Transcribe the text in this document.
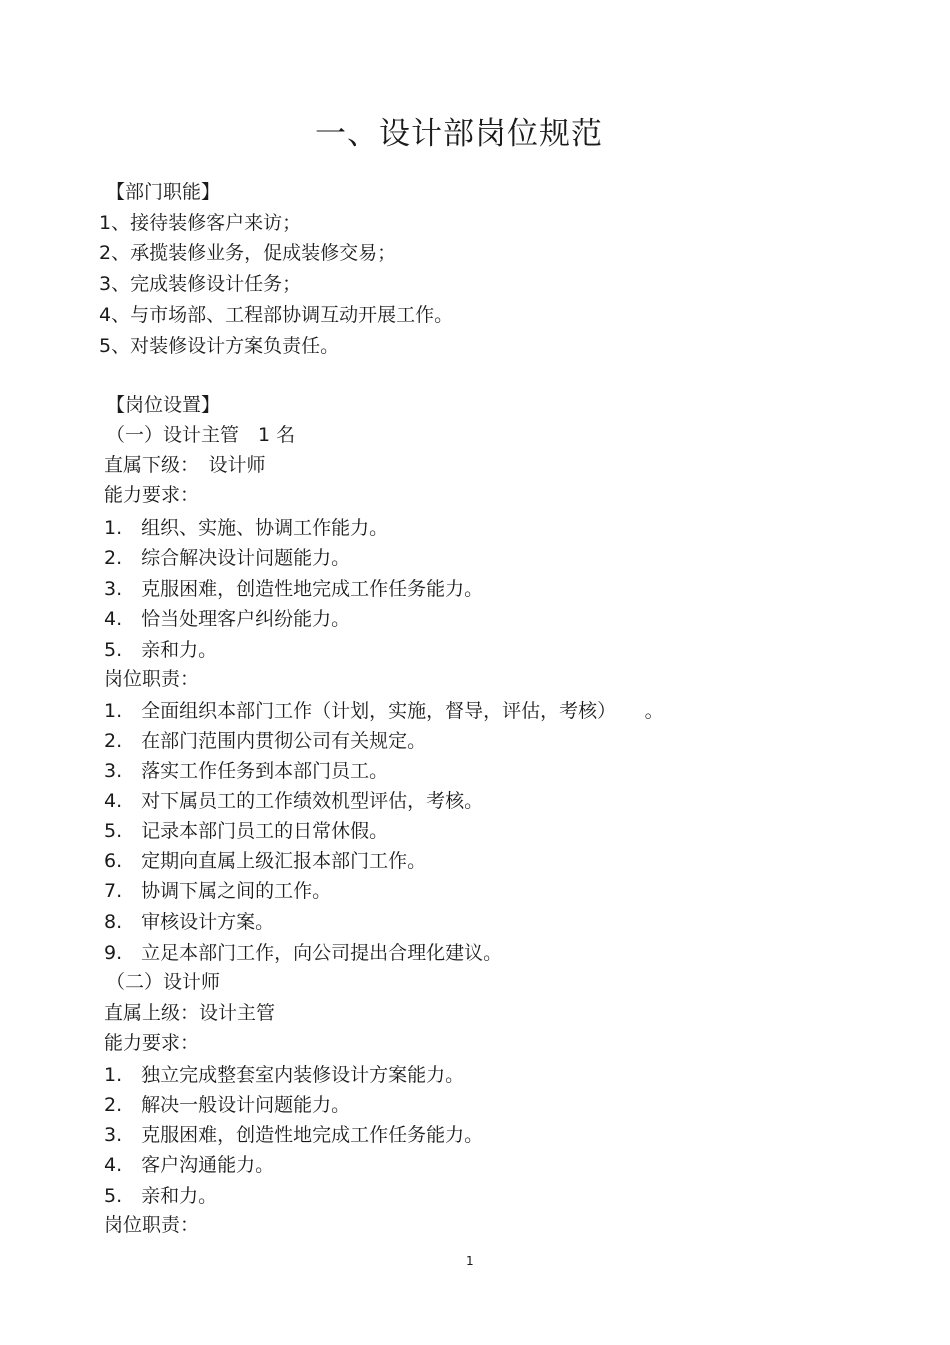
一、设计部岗位规范
【部门职能】
1、接待装修客户来访；
2、承揽装修业务，促成装修交易；
3、完成装修设计任务；
4、与市场部、工程部协调互动开展工作。
5、对装修设计方案负责任。
【岗位设置】
（一）设计主管　1 名
直属下级：　设计师
能力要求：
1.　组织、实施、协调工作能力。
2.　综合解决设计问题能力。
3.　克服困难，创造性地完成工作任务能力。
4.　恰当处理客户纠纷能力。
5.　亲和力。
岗位职责：
1.　全面组织本部门工作（计划，实施，督导，评估，考核）　　。
2.　在部门范围内贯彻公司有关规定。
3.　落实工作任务到本部门员工。
4.　对下属员工的工作绩效机型评估，考核。
5.　记录本部门员工的日常休假。
6.　定期向直属上级汇报本部门工作。
7.　协调下属之间的工作。
8.　审核设计方案。
9.　立足本部门工作，向公司提出合理化建议。
（二）设计师
直属上级：设计主管
能力要求：
1.　独立完成整套室内装修设计方案能力。
2.　解决一般设计问题能力。
3.　克服困难，创造性地完成工作任务能力。
4.　客户沟通能力。
5.　亲和力。
岗位职责：
1
